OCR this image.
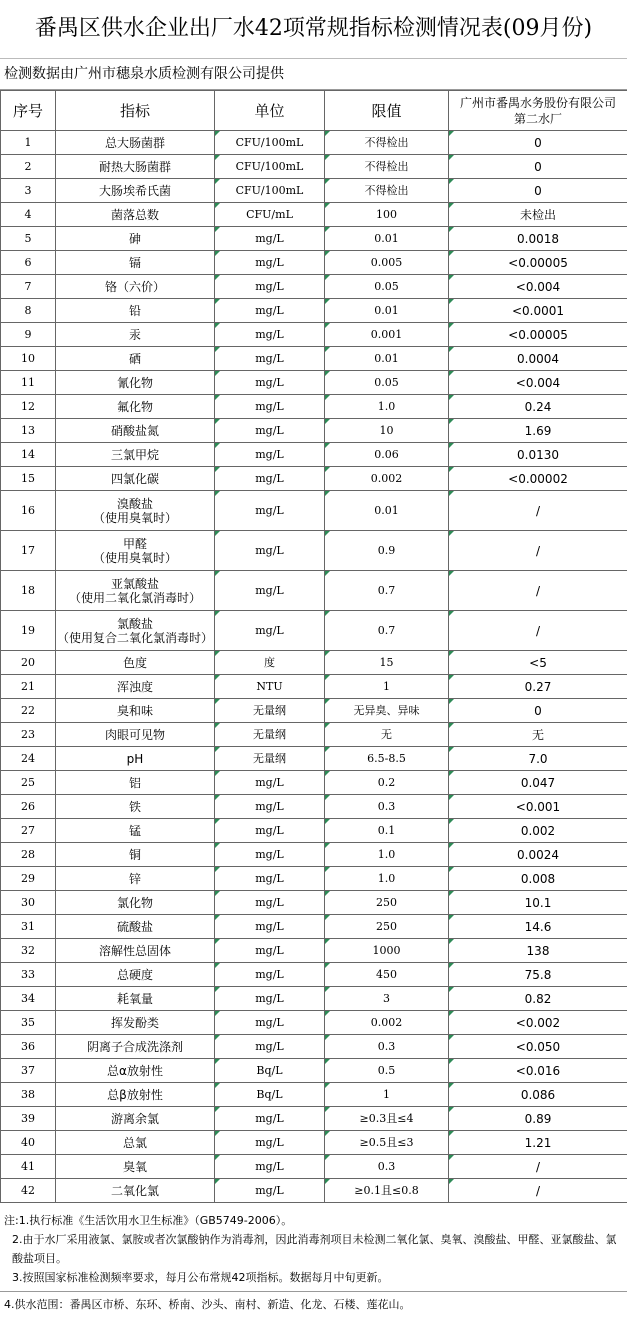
番禺区供水企业出厂水42项常规指标检测情况表(09月份)
检测数据由广州市穗泉水质检测有限公司提供
序号	指标	单位	限值	广州市番禺水务股份有限公司
第二水厂

1	总大肠菌群	CFU/100mL	不得检出	0
2	耐热大肠菌群	CFU/100mL	不得检出	0
3	大肠埃希氏菌	CFU/100mL	不得检出	0
4	菌落总数	CFU/mL	100	未检出
5	砷	mg/L	0.01	0.0018
6	镉	mg/L	0.005	<0.00005
7	铬（六价）	mg/L	0.05	<0.004
8	铅	mg/L	0.01	<0.0001
9	汞	mg/L	0.001	<0.00005
10	硒	mg/L	0.01	0.0004
11	氰化物	mg/L	0.05	<0.004
12	氟化物	mg/L	1.0	0.24
13	硝酸盐氮	mg/L	10	1.69
14	三氯甲烷	mg/L	0.06	0.0130
15	四氯化碳	mg/L	0.002	<0.00002
16	溴酸盐
（使用臭氧时）	mg/L	0.01	/
17	甲醛
（使用臭氧时）	mg/L	0.9	/
18	亚氯酸盐
（使用二氧化氯消毒时）	mg/L	0.7	/
19	氯酸盐
（使用复合二氧化氯消毒时）	mg/L	0.7	/
20	色度	度	15	<5
21	浑浊度	NTU	1	0.27
22	臭和味	无量纲	无异臭、异味	0
23	肉眼可见物	无量纲	无	无
24	pH	无量纲	6.5-8.5	7.0
25	铝	mg/L	0.2	0.047
26	铁	mg/L	0.3	<0.001
27	锰	mg/L	0.1	0.002
28	铜	mg/L	1.0	0.0024
29	锌	mg/L	1.0	0.008
30	氯化物	mg/L	250	10.1
31	硫酸盐	mg/L	250	14.6
32	溶解性总固体	mg/L	1000	138
33	总硬度	mg/L	450	75.8
34	耗氧量	mg/L	3	0.82
35	挥发酚类	mg/L	0.002	<0.002
36	阴离子合成洗涤剂	mg/L	0.3	<0.050
37	总α放射性	Bq/L	0.5	<0.016
38	总β放射性	Bq/L	1	0.086
39	游离余氯	mg/L	≥0.3且≤4	0.89
40	总氯	mg/L	≥0.5且≤3	1.21
41	臭氧	mg/L	0.3	/
42	二氧化氯	mg/L	≥0.1且≤0.8	/
注:1.执行标准《生活饮用水卫生标准》（GB5749-2006）。
2.由于水厂采用液氯、氯胺或者次氯酸钠作为消毒剂，因此消毒剂项目未检测二氧化氯、臭氧、溴酸盐、甲醛、亚氯酸盐、氯酸盐项目。
3.按照国家标准检测频率要求，每月公布常规42项指标。数据每月中旬更新。
4.供水范围：番禺区市桥、东环、桥南、沙头、南村、新造、化龙、石楼、莲花山。
